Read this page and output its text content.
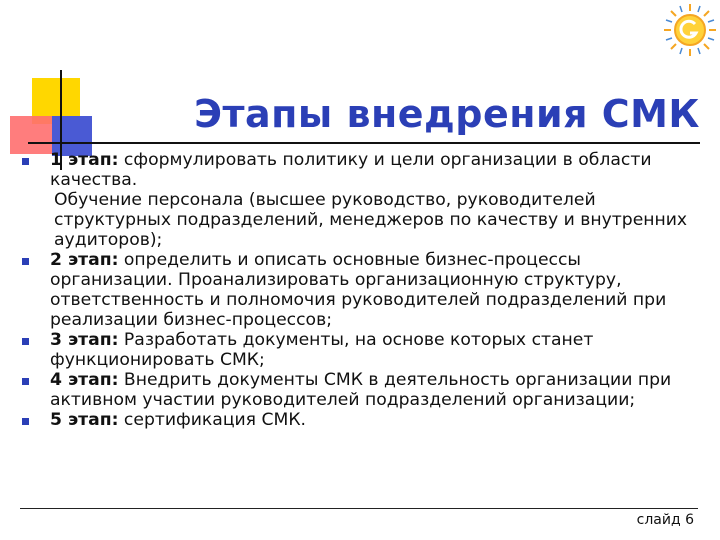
Этапы внедрения СМК
1 этап: сформулировать политику и цели организации в области качества.
Обучение персонала (высшее руководство, руководителей структурных подразделений, менеджеров по качеству и внутренних аудиторов);
2 этап: определить и описать основные бизнес-процессы организации. Проанализировать организационную структуру, ответственность и полномочия руководителей подразделений при реализации бизнес-процессов;
3 этап: Разработать документы, на основе которых станет функционировать СМК;
4 этап: Внедрить документы СМК в деятельность организации при активном участии руководителей подразделений организации;
5 этап: сертификация СМК.
слайд 6
